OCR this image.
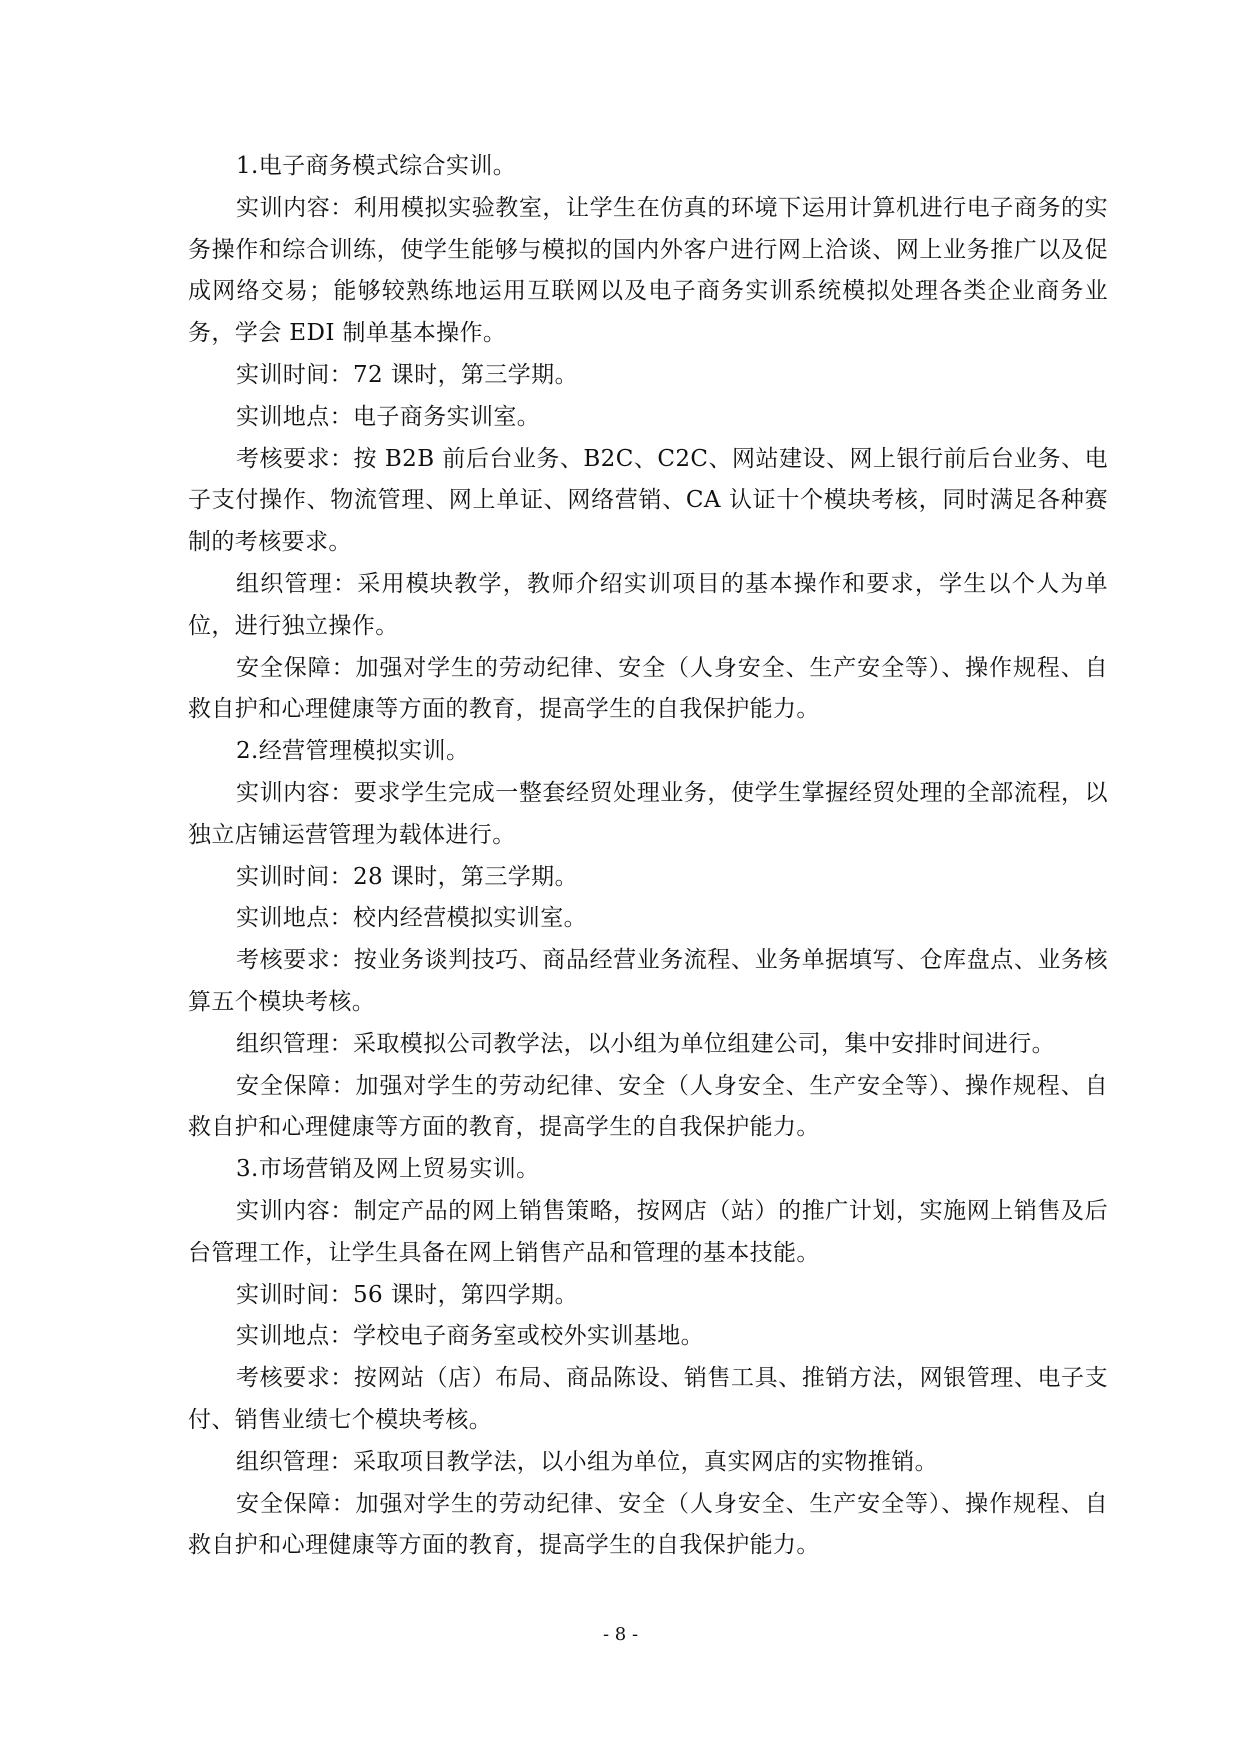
1.电子商务模式综合实训。

实训内容：利用模拟实验教室，让学生在仿真的环境下运用计算机进行电子商务的实务操作和综合训练，使学生能够与模拟的国内外客户进行网上洽谈、网上业务推广以及促成网络交易；能够较熟练地运用互联网以及电子商务实训系统模拟处理各类企业商务业务，学会 EDI 制单基本操作。

实训时间：72 课时，第三学期。

实训地点：电子商务实训室。

考核要求：按 B2B 前后台业务、B2C、C2C、网站建设、网上银行前后台业务、电子支付操作、物流管理、网上单证、网络营销、CA 认证十个模块考核，同时满足各种赛制的考核要求。

组织管理：采用模块教学，教师介绍实训项目的基本操作和要求，学生以个人为单位，进行独立操作。

安全保障：加强对学生的劳动纪律、安全（人身安全、生产安全等）、操作规程、自救自护和心理健康等方面的教育，提高学生的自我保护能力。

2.经营管理模拟实训。

实训内容：要求学生完成一整套经贸处理业务，使学生掌握经贸处理的全部流程，以独立店铺运营管理为载体进行。

实训时间：28 课时，第三学期。

实训地点：校内经营模拟实训室。

考核要求：按业务谈判技巧、商品经营业务流程、业务单据填写、仓库盘点、业务核算五个模块考核。

组织管理：采取模拟公司教学法，以小组为单位组建公司，集中安排时间进行。

安全保障：加强对学生的劳动纪律、安全（人身安全、生产安全等）、操作规程、自救自护和心理健康等方面的教育，提高学生的自我保护能力。

3.市场营销及网上贸易实训。

实训内容：制定产品的网上销售策略，按网店（站）的推广计划，实施网上销售及后台管理工作，让学生具备在网上销售产品和管理的基本技能。

实训时间：56 课时，第四学期。

实训地点：学校电子商务室或校外实训基地。

考核要求：按网站（店）布局、商品陈设、销售工具、推销方法，网银管理、电子支付、销售业绩七个模块考核。

组织管理：采取项目教学法，以小组为单位，真实网店的实物推销。

安全保障：加强对学生的劳动纪律、安全（人身安全、生产安全等）、操作规程、自救自护和心理健康等方面的教育，提高学生的自我保护能力。

- 8 -
